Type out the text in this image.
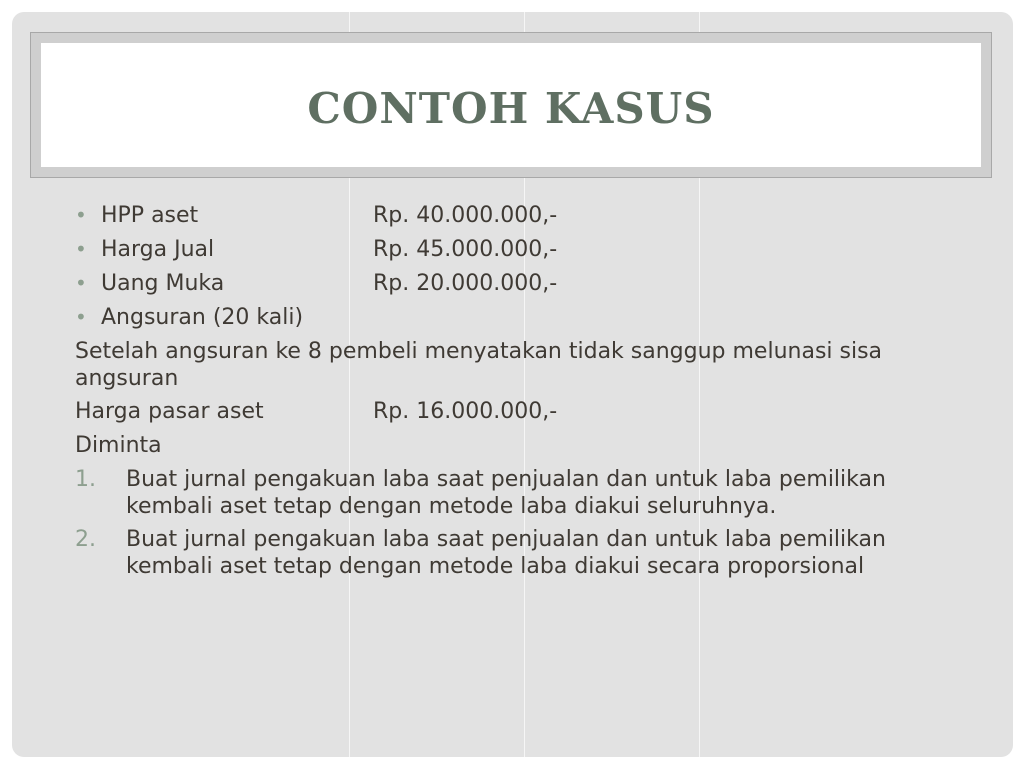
CONTOH KASUS
• HPP aset	Rp. 40.000.000,-
• Harga Jual	Rp. 45.000.000,-
• Uang Muka	Rp. 20.000.000,-
• Angsuran (20 kali)

Setelah angsuran ke 8 pembeli menyatakan tidak sanggup melunasi sisa angsuran

Harga pasar aset	Rp. 16.000.000,-

Diminta

1. Buat jurnal pengakuan laba saat penjualan dan untuk laba pemilikan kembali aset tetap dengan metode laba diakui seluruhnya.
2. Buat jurnal pengakuan laba saat penjualan dan untuk laba pemilikan kembali aset tetap dengan metode laba diakui secara proporsional
